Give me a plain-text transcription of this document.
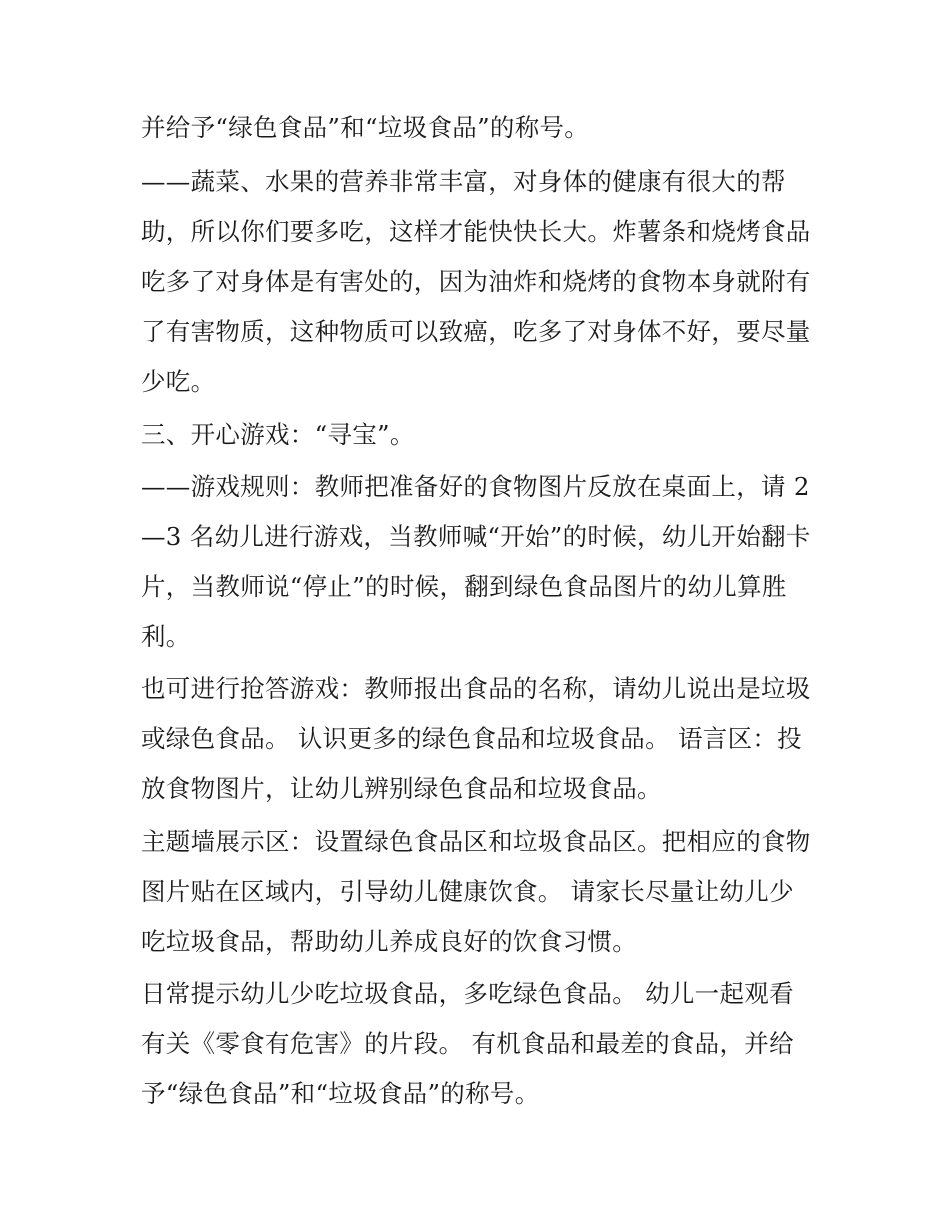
并给予“绿色食品”和“垃圾食品”的称号。
——蔬菜、水果的营养非常丰富，对身体的健康有很大的帮
助，所以你们要多吃，这样才能快快长大。炸薯条和烧烤食品
吃多了对身体是有害处的，因为油炸和烧烤的食物本身就附有
了有害物质，这种物质可以致癌，吃多了对身体不好，要尽量
少吃。
三、开心游戏：“寻宝”。
——游戏规则：教师把准备好的食物图片反放在桌面上，请 2
—3 名幼儿进行游戏，当教师喊“开始”的时候，幼儿开始翻卡
片，当教师说“停止”的时候，翻到绿色食品图片的幼儿算胜
利。
也可进行抢答游戏：教师报出食品的名称，请幼儿说出是垃圾
或绿色食品。 认识更多的绿色食品和垃圾食品。 语言区：投
放食物图片，让幼儿辨别绿色食品和垃圾食品。
主题墙展示区：设置绿色食品区和垃圾食品区。把相应的食物
图片贴在区域内，引导幼儿健康饮食。 请家长尽量让幼儿少
吃垃圾食品，帮助幼儿养成良好的饮食习惯。
日常提示幼儿少吃垃圾食品，多吃绿色食品。 幼儿一起观看
有关《零食有危害》的片段。 有机食品和最差的食品，并给
予“绿色食品”和“垃圾食品”的称号。
